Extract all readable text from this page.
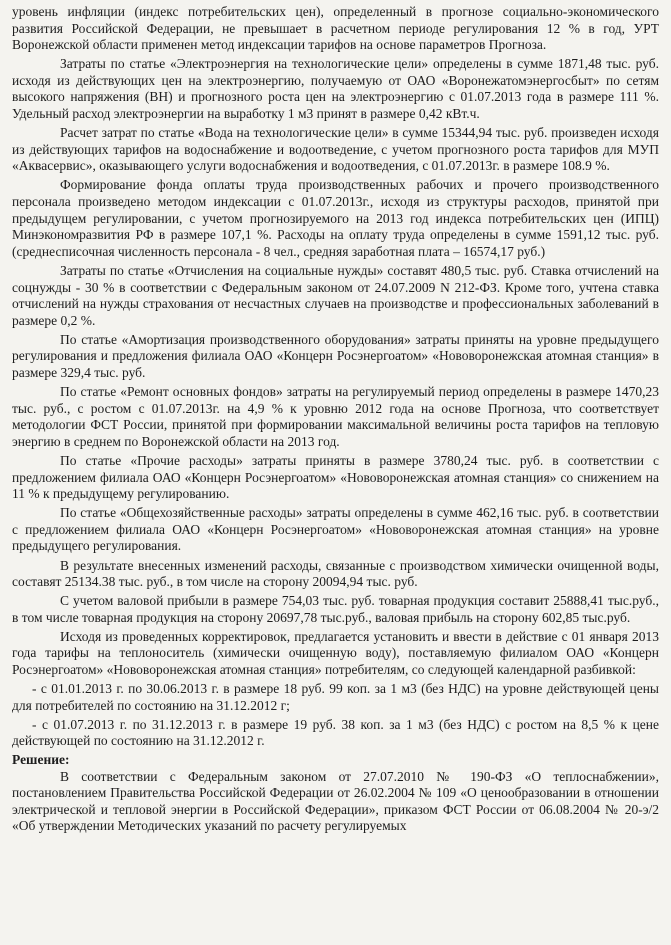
уровень инфляции (индекс потребительских цен), определенный в прогнозе социально-экономического развития Российской Федерации, не превышает в расчетном периоде регулирования 12 % в год, УРТ Воронежской области применен метод индексации тарифов на основе параметров Прогноза.

Затраты по статье «Электроэнергия на технологические цели» определены в сумме 1871,48 тыс. руб. исходя из действующих цен на электроэнергию, получаемую от ОАО «Воронежатомэнергосбыт» по сетям высокого напряжения (ВН) и прогнозного роста цен на электроэнергию с 01.07.2013 года в размере 111 %. Удельный расход электроэнергии на выработку 1 м3 принят в размере 0,42 кВт.ч.

Расчет затрат по статье «Вода на технологические цели» в сумме 15344,94 тыс. руб. произведен исходя из действующих тарифов на водоснабжение и водоотведение, с учетом прогнозного роста тарифов для МУП «Аквасервис», оказывающего услуги водоснабжения и водоотведения, с 01.07.2013г. в размере 108.9 %.

Формирование фонда оплаты труда производственных рабочих и прочего производственного персонала произведено методом индексации с 01.07.2013г., исходя из структуры расходов, принятой при предыдущем регулировании, с учетом прогнозируемого на 2013 год индекса потребительских цен (ИПЦ) Минэкономразвития РФ в размере 107,1 %. Расходы на оплату труда определены в сумме 1591,12 тыс. руб. (среднесписочная численность персонала - 8 чел., средняя заработная плата – 16574,17 руб.)

Затраты по статье «Отчисления на социальные нужды» составят 480,5 тыс. руб. Ставка отчислений на соцнужды - 30 % в соответствии с Федеральным законом от 24.07.2009 N 212-ФЗ. Кроме того, учтена ставка отчислений на нужды страхования от несчастных случаев на производстве и профессиональных заболеваний в размере 0,2 %.

По статье «Амортизация производственного оборудования» затраты приняты на уровне предыдущего регулирования и предложения филиала ОАО «Концерн Росэнергоатом» «Нововоронежская атомная станция» в размере 329,4 тыс. руб.

По статье «Ремонт основных фондов» затраты на регулируемый период определены в размере 1470,23 тыс. руб., с ростом с 01.07.2013г. на 4,9 % к уровню 2012 года на основе Прогноза, что соответствует методологии ФСТ России, принятой при формировании максимальной величины роста тарифов на тепловую энергию в среднем по Воронежской области на 2013 год.

По статье «Прочие расходы» затраты приняты в размере 3780,24 тыс. руб. в соответствии с предложением филиала ОАО «Концерн Росэнергоатом» «Нововоронежская атомная станция» со снижением на 11 % к предыдущему регулированию.

По статье «Общехозяйственные расходы» затраты определены в сумме 462,16 тыс. руб. в соответствии с предложением филиала ОАО «Концерн Росэнергоатом» «Нововоронежская атомная станция» на уровне предыдущего регулирования.

В результате внесенных изменений расходы, связанные с производством химически очищенной воды, составят 25134.38 тыс. руб., в том числе на сторону 20094,94 тыс. руб.

С учетом валовой прибыли в размере 754,03 тыс. руб. товарная продукция составит 25888,41 тыс.руб., в том числе товарная продукция на сторону 20697,78 тыс.руб., валовая прибыль на сторону 602,85 тыс.руб.

Исходя из проведенных корректировок, предлагается установить и ввести в действие с 01 января 2013 года тарифы на теплоноситель (химически очищенную воду), поставляемую филиалом ОАО «Концерн Росэнергоатом» «Нововоронежская атомная станция» потребителям, со следующей календарной разбивкой:

- с 01.01.2013 г. по 30.06.2013 г. в размере 18 руб. 99 коп. за 1 м3 (без НДС) на уровне действующей цены для потребителей по состоянию на 31.12.2012 г;

- с 01.07.2013 г. по 31.12.2013 г. в размере 19 руб. 38 коп. за 1 м3 (без НДС) с ростом на 8,5 % к цене действующей по состоянию на 31.12.2012 г.

Решение:

В соответствии с Федеральным законом от 27.07.2010 № 190-ФЗ «О теплоснабжении», постановлением Правительства Российской Федерации от 26.02.2004 № 109 «О ценообразовании в отношении электрической и тепловой энергии в Российской Федерации», приказом ФСТ России от 06.08.2004 № 20-э/2 «Об утверждении Методических указаний по расчету регулируемых
